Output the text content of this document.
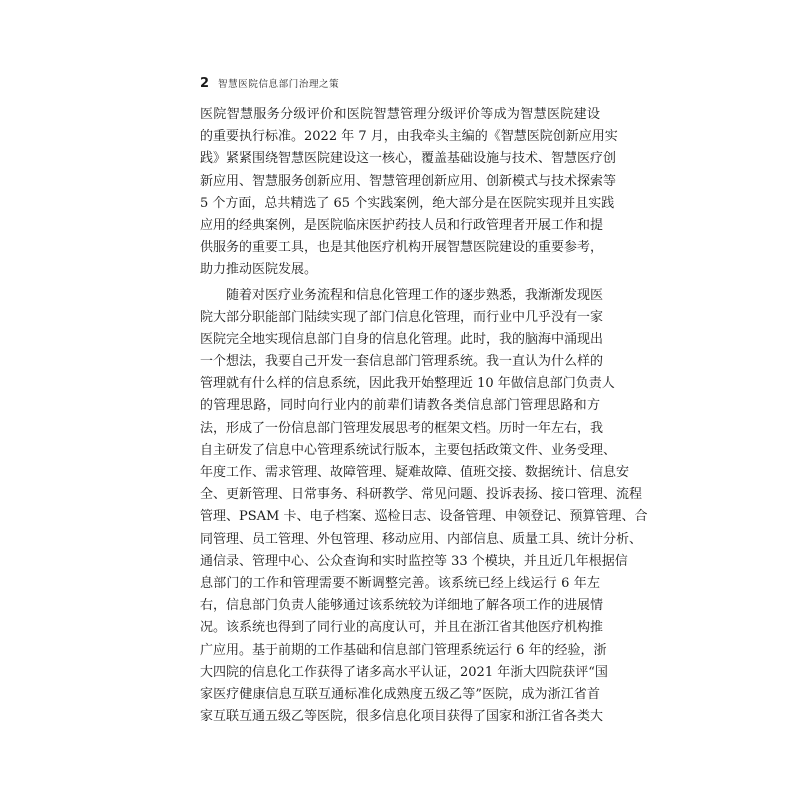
2 智慧医院信息部门治理之策
医院智慧服务分级评价和医院智慧管理分级评价等成为智慧医院建设
的重要执行标准。2022 年 7 月，由我牵头主编的《智慧医院创新应用实
践》紧紧围绕智慧医院建设这一核心，覆盖基础设施与技术、智慧医疗创
新应用、智慧服务创新应用、智慧管理创新应用、创新模式与技术探索等
5 个方面，总共精选了 65 个实践案例，绝大部分是在医院实现并且实践
应用的经典案例，是医院临床医护药技人员和行政管理者开展工作和提
供服务的重要工具，也是其他医疗机构开展智慧医院建设的重要参考，
助力推动医院发展。
随着对医疗业务流程和信息化管理工作的逐步熟悉，我渐渐发现医
院大部分职能部门陆续实现了部门信息化管理，而行业中几乎没有一家
医院完全地实现信息部门自身的信息化管理。此时，我的脑海中涌现出
一个想法，我要自己开发一套信息部门管理系统。我一直认为什么样的
管理就有什么样的信息系统，因此我开始整理近 10 年做信息部门负责人
的管理思路，同时向行业内的前辈们请教各类信息部门管理思路和方
法，形成了一份信息部门管理发展思考的框架文档。历时一年左右，我
自主研发了信息中心管理系统试行版本，主要包括政策文件、业务受理、
年度工作、需求管理、故障管理、疑难故障、值班交接、数据统计、信息安
全、更新管理、日常事务、科研教学、常见问题、投诉表扬、接口管理、流程
管理、PSAM 卡、电子档案、巡检日志、设备管理、申领登记、预算管理、合
同管理、员工管理、外包管理、移动应用、内部信息、质量工具、统计分析、
通信录、管理中心、公众查询和实时监控等 33 个模块，并且近几年根据信
息部门的工作和管理需要不断调整完善。该系统已经上线运行 6 年左
右，信息部门负责人能够通过该系统较为详细地了解各项工作的进展情
况。该系统也得到了同行业的高度认可，并且在浙江省其他医疗机构推
广应用。基于前期的工作基础和信息部门管理系统运行 6 年的经验，浙
大四院的信息化工作获得了诸多高水平认证，2021 年浙大四院获评“国
家医疗健康信息互联互通标准化成熟度五级乙等”医院，成为浙江省首
家互联互通五级乙等医院，很多信息化项目获得了国家和浙江省各类大
